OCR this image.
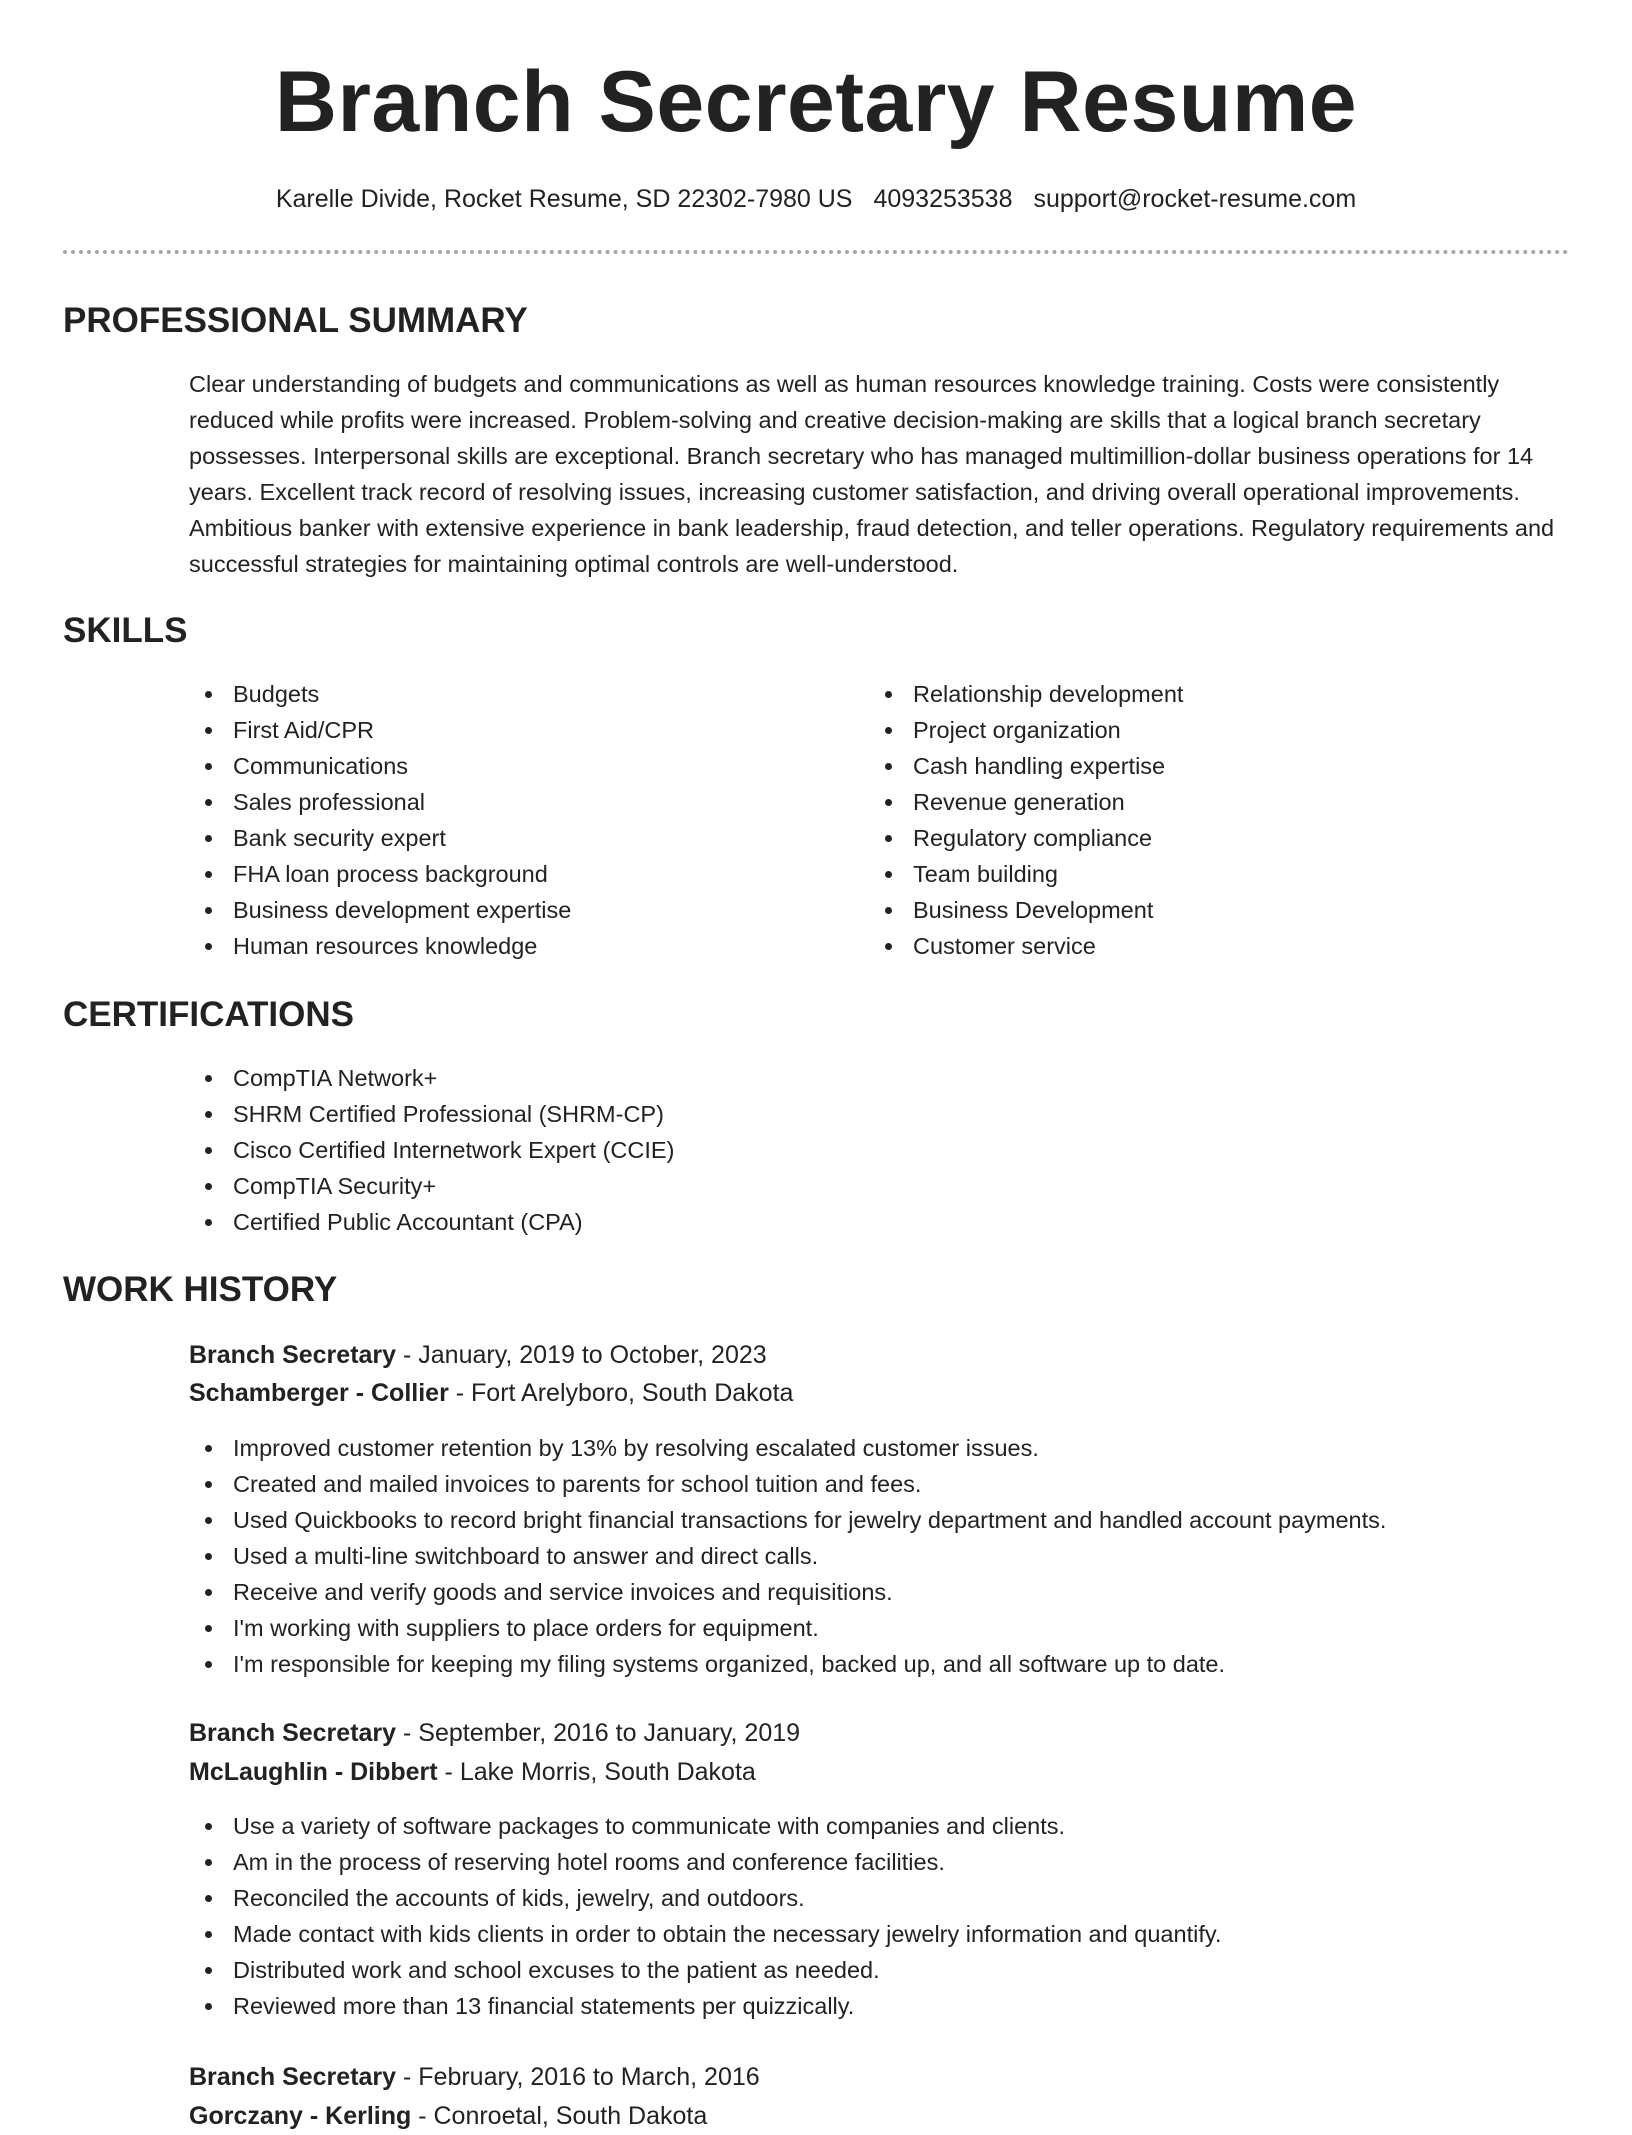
Branch Secretary Resume
Karelle Divide, Rocket Resume, SD 22302-7980 US 4093253538 support@rocket-resume.com
PROFESSIONAL SUMMARY
Clear understanding of budgets and communications as well as human resources knowledge training. Costs were consistently reduced while profits were increased. Problem-solving and creative decision-making are skills that a logical branch secretary possesses. Interpersonal skills are exceptional. Branch secretary who has managed multimillion-dollar business operations for 14 years. Excellent track record of resolving issues, increasing customer satisfaction, and driving overall operational improvements. Ambitious banker with extensive experience in bank leadership, fraud detection, and teller operations. Regulatory requirements and successful strategies for maintaining optimal controls are well-understood.
SKILLS
Budgets
First Aid/CPR
Communications
Sales professional
Bank security expert
FHA loan process background
Business development expertise
Human resources knowledge
Relationship development
Project organization
Cash handling expertise
Revenue generation
Regulatory compliance
Team building
Business Development
Customer service
CERTIFICATIONS
CompTIA Network+
SHRM Certified Professional (SHRM-CP)
Cisco Certified Internetwork Expert (CCIE)
CompTIA Security+
Certified Public Accountant (CPA)
WORK HISTORY
Branch Secretary - January, 2019 to October, 2023
Schamberger - Collier - Fort Arelyboro, South Dakota
Improved customer retention by 13% by resolving escalated customer issues.
Created and mailed invoices to parents for school tuition and fees.
Used Quickbooks to record bright financial transactions for jewelry department and handled account payments.
Used a multi-line switchboard to answer and direct calls.
Receive and verify goods and service invoices and requisitions.
I'm working with suppliers to place orders for equipment.
I'm responsible for keeping my filing systems organized, backed up, and all software up to date.
Branch Secretary - September, 2016 to January, 2019
McLaughlin - Dibbert - Lake Morris, South Dakota
Use a variety of software packages to communicate with companies and clients.
Am in the process of reserving hotel rooms and conference facilities.
Reconciled the accounts of kids, jewelry, and outdoors.
Made contact with kids clients in order to obtain the necessary jewelry information and quantify.
Distributed work and school excuses to the patient as needed.
Reviewed more than 13 financial statements per quizzically.
Branch Secretary - February, 2016 to March, 2016
Gorczany - Kerling - Conroetal, South Dakota
